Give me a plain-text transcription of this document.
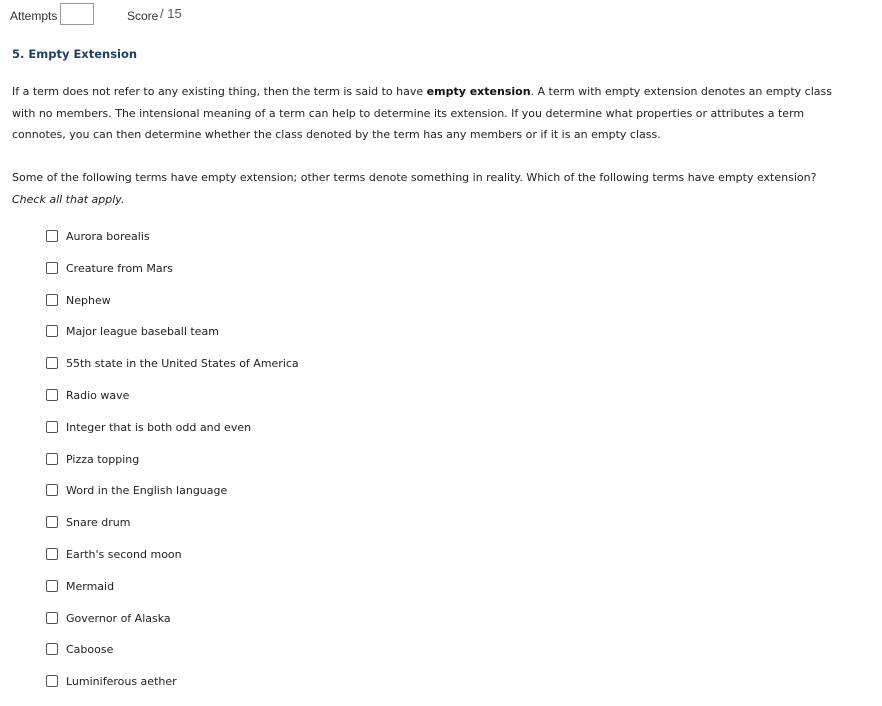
Attempts	Score / 15
5. Empty Extension

If a term does not refer to any existing thing, then the term is said to have empty extension. A term with empty extension denotes an empty class with no members. The intensional meaning of a term can help to determine its extension. If you determine what properties or attributes a term connotes, you can then determine whether the class denoted by the term has any members or if it is an empty class.

Some of the following terms have empty extension; other terms denote something in reality. Which of the following terms have empty extension? Check all that apply.

Aurora borealis
Creature from Mars
Nephew
Major league baseball team
55th state in the United States of America
Radio wave
Integer that is both odd and even
Pizza topping
Word in the English language
Snare drum
Earth's second moon
Mermaid
Governor of Alaska
Caboose
Luminiferous aether
